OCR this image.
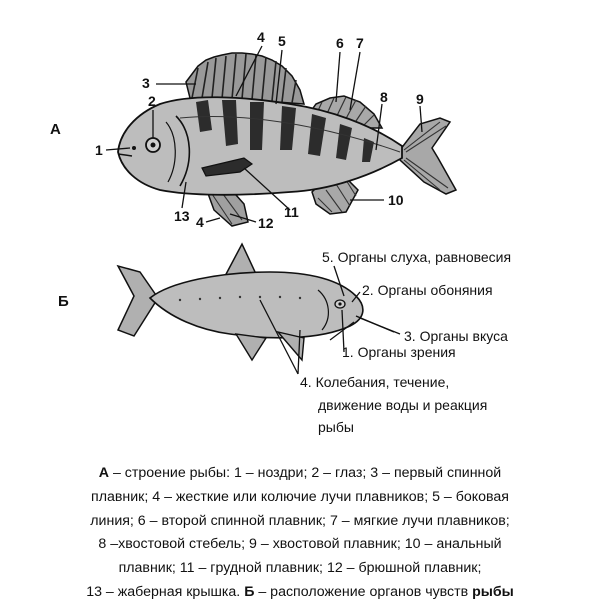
А
1
2
3
4 5	6 7
8 9
10
11
12
13 4
Б
5. Органы слуха, равновесия
2. Органы обоняния
3. Органы вкуса
1. Органы зрения
4. Колебания, течение,
движение воды и реакция
рыбы
А – строение рыбы: 1 – ноздри; 2 – глаз; 3 – первый спинной
плавник; 4 – жесткие или колючие лучи плавников; 5 – боковая
линия; 6 – второй спинной плавник; 7 – мягкие лучи плавников;
8 –хвостовой стебель; 9 – хвостовой плавник; 10 – анальный
плавник; 11 – грудной плавник; 12 – брюшной плавник;
13 – жаберная крышка. Б – расположение органов чувств рыбы
